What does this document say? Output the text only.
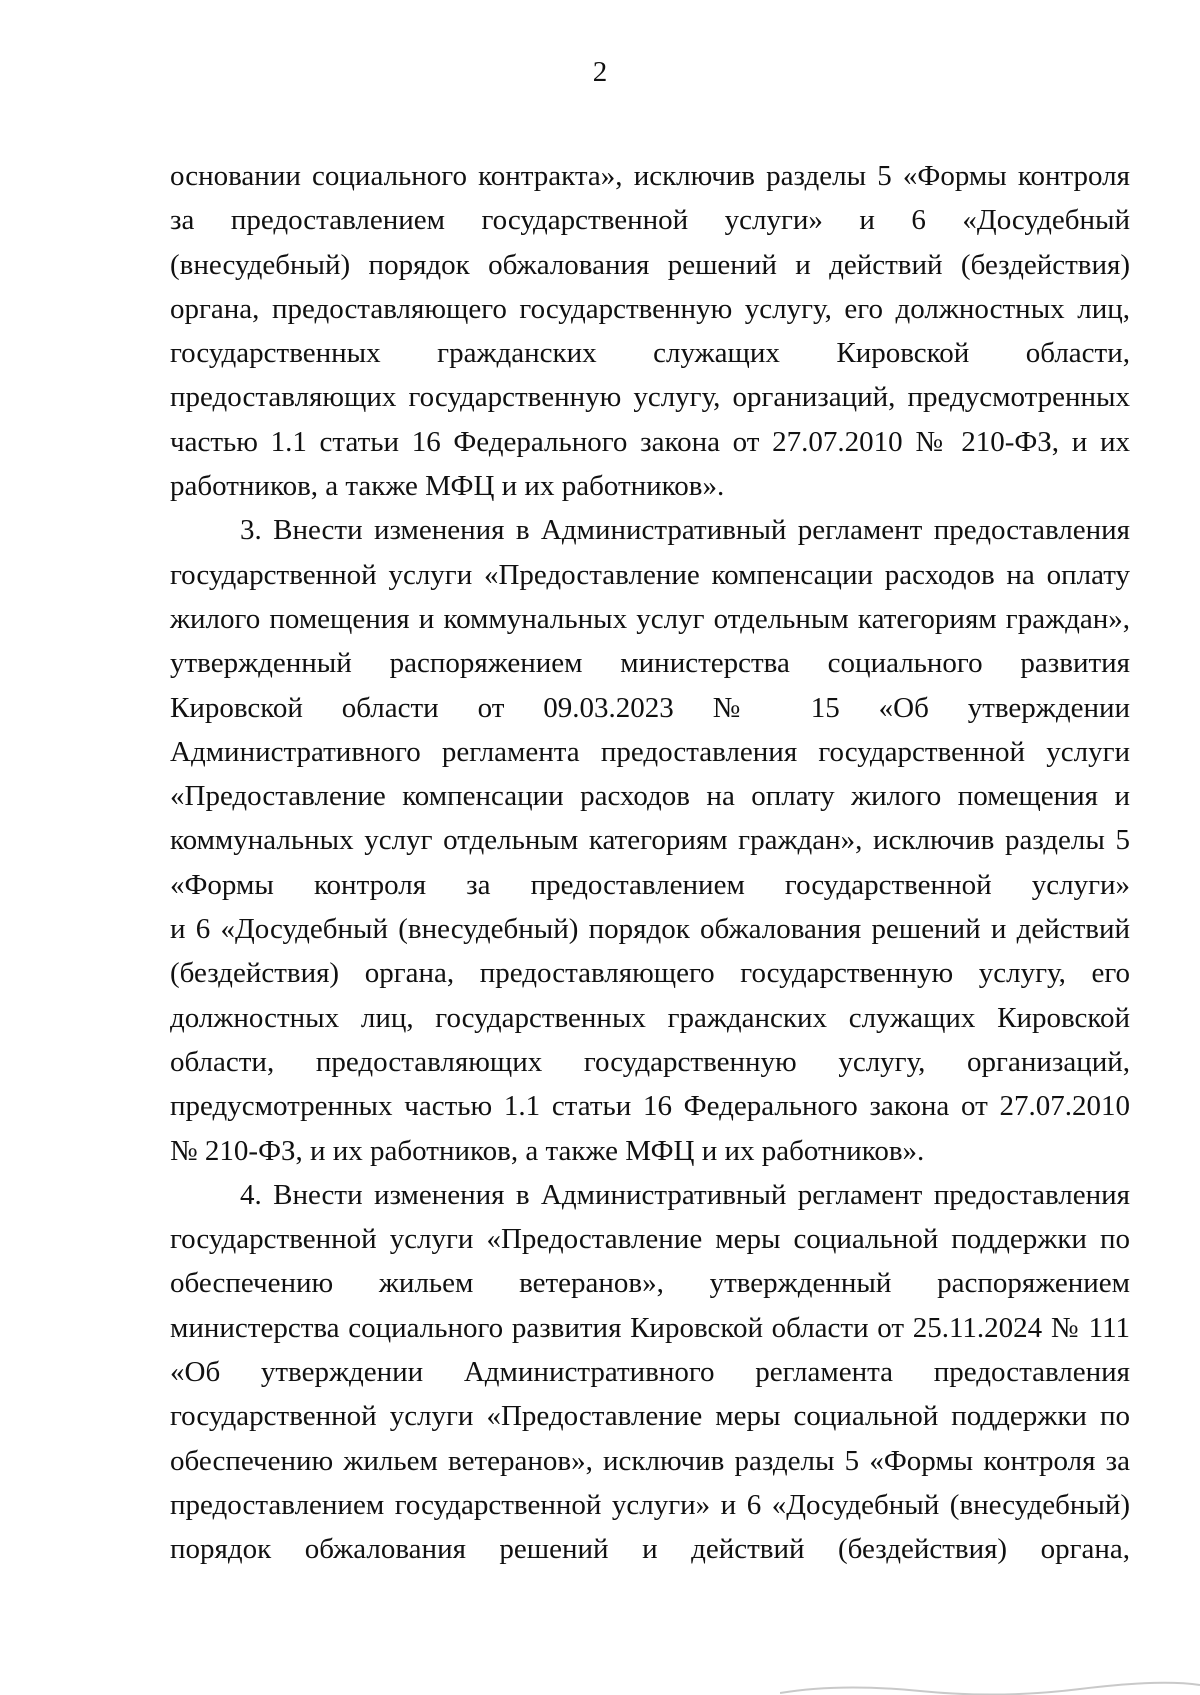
2
основании социального контракта», исключив разделы 5 «Формы контроля
за предоставлением государственной услуги» и 6 «Досудебный
(внесудебный) порядок обжалования решений и действий (бездействия)
органа, предоставляющего государственную услугу, его должностных лиц,
государственных гражданских служащих Кировской области,
предоставляющих государственную услугу, организаций, предусмотренных
частью 1.1 статьи 16 Федерального закона от 27.07.2010 № 210-ФЗ, и их
работников, а также МФЦ и их работников».
3. Внести изменения в Административный регламент предоставления
государственной услуги «Предоставление компенсации расходов на оплату
жилого помещения и коммунальных услуг отдельным категориям граждан»,
утвержденный распоряжением министерства социального развития
Кировской области от 09.03.2023 № 15 «Об утверждении
Административного регламента предоставления государственной услуги
«Предоставление компенсации расходов на оплату жилого помещения и
коммунальных услуг отдельным категориям граждан», исключив разделы 5
«Формы контроля за предоставлением государственной услуги»
и 6 «Досудебный (внесудебный) порядок обжалования решений и действий
(бездействия) органа, предоставляющего государственную услугу, его
должностных лиц, государственных гражданских служащих Кировской
области, предоставляющих государственную услугу, организаций,
предусмотренных частью 1.1 статьи 16 Федерального закона от 27.07.2010
№ 210-ФЗ, и их работников, а также МФЦ и их работников».
4. Внести изменения в Административный регламент предоставления
государственной услуги «Предоставление меры социальной поддержки по
обеспечению жильем ветеранов», утвержденный распоряжением
министерства социального развития Кировской области от 25.11.2024 № 111
«Об утверждении Административного регламента предоставления
государственной услуги «Предоставление меры социальной поддержки по
обеспечению жильем ветеранов», исключив разделы 5 «Формы контроля за
предоставлением государственной услуги» и 6 «Досудебный (внесудебный)
порядок обжалования решений и действий (бездействия) органа,
